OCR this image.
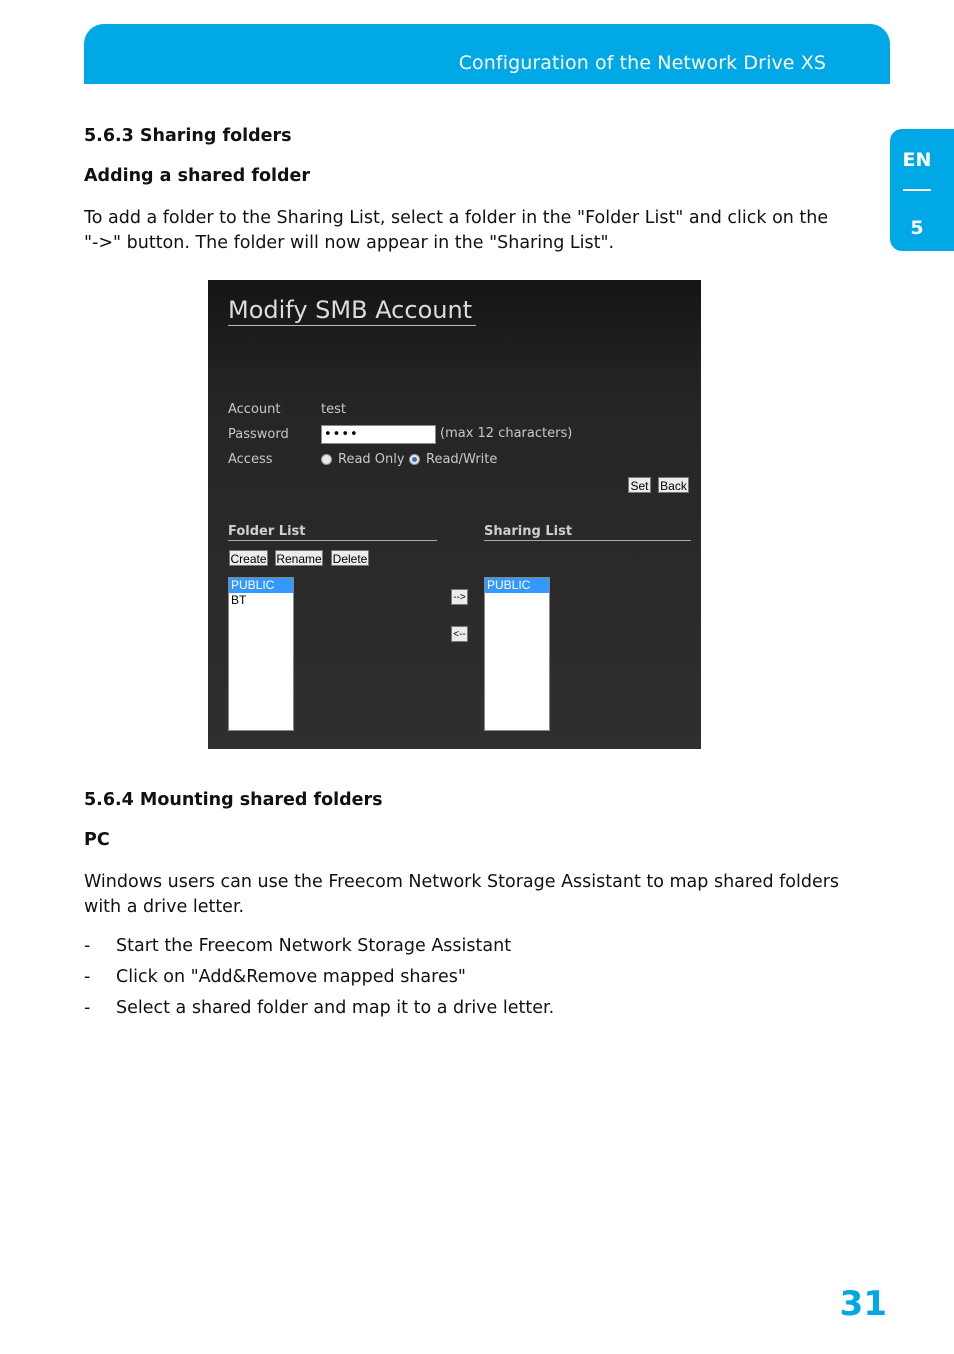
Configuration of the Network Drive XS
EN
5
5.6.3 Sharing folders
Adding a shared folder
To add a folder to the Sharing List, select a folder in the "Folder List" and click on the "->" button. The folder will now appear in the "Sharing List".
Modify SMB Account
Account	test
Password	••••	(max 12 characters)
Access	Read Only Read/Write
Set Back
Folder List	Sharing List
Create Rename Delete
PUBLIC
BT	-->
<--
PUBLIC
5.6.4 Mounting shared folders
PC
Windows users can use the Freecom Network Storage Assistant to map shared folders with a drive letter.
- Start the Freecom Network Storage Assistant
- Click on "Add&Remove mapped shares"
- Select a shared folder and map it to a drive letter.
31
